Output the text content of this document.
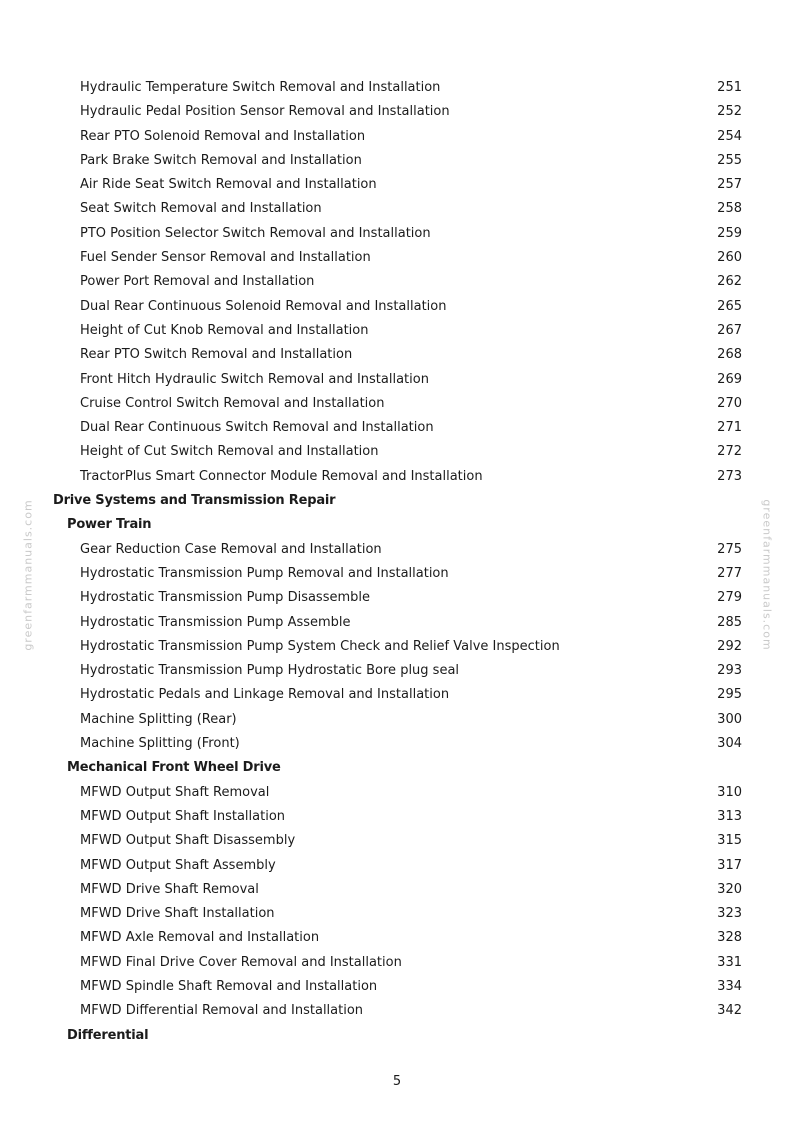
Hydraulic Temperature Switch Removal and Installation	251
Hydraulic Pedal Position Sensor Removal and Installation	252
Rear PTO Solenoid Removal and Installation	254
Park Brake Switch Removal and Installation	255
Air Ride Seat Switch Removal and Installation	257
Seat Switch Removal and Installation	258
PTO Position Selector Switch Removal and Installation	259
Fuel Sender Sensor Removal and Installation	260
Power Port Removal and Installation	262
Dual Rear Continuous Solenoid Removal and Installation	265
Height of Cut Knob Removal and Installation	267
Rear PTO Switch Removal and Installation	268
Front Hitch Hydraulic Switch Removal and Installation	269
Cruise Control Switch Removal and Installation	270
Dual Rear Continuous Switch Removal and Installation	271
Height of Cut Switch Removal and Installation	272
TractorPlus Smart Connector Module Removal and Installation	273
Drive Systems and Transmission Repair
Power Train
Gear Reduction Case Removal and Installation	275
Hydrostatic Transmission Pump Removal and Installation	277
Hydrostatic Transmission Pump Disassemble	279
Hydrostatic Transmission Pump Assemble	285
Hydrostatic Transmission Pump System Check and Relief Valve Inspection	292
Hydrostatic Transmission Pump Hydrostatic Bore plug seal	293
Hydrostatic Pedals and Linkage Removal and Installation	295
Machine Splitting (Rear)	300
Machine Splitting (Front)	304
Mechanical Front Wheel Drive
MFWD Output Shaft Removal	310
MFWD Output Shaft Installation	313
MFWD Output Shaft Disassembly	315
MFWD Output Shaft Assembly	317
MFWD Drive Shaft Removal	320
MFWD Drive Shaft Installation	323
MFWD Axle Removal and Installation	328
MFWD Final Drive Cover Removal and Installation	331
MFWD Spindle Shaft Removal and Installation	334
MFWD Differential Removal and Installation	342
Differential
greenfarmmanuals.com	greenfarmmanuals.com
5
